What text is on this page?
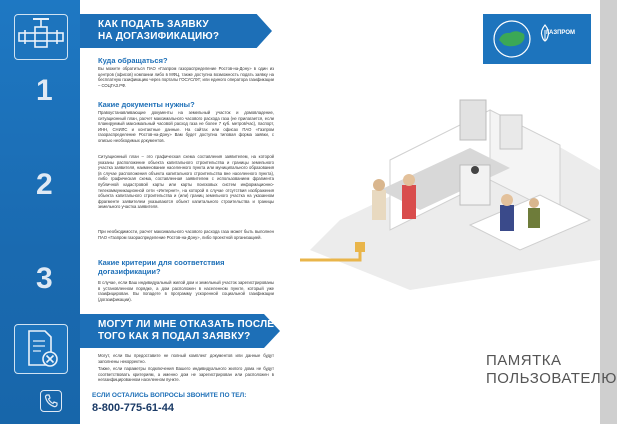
1
2
3
КАК ПОДАТЬ ЗАЯВКУ
НА ДОГАЗИФИКАЦИЮ?
Куда обращаться?
Вы можете обратиться ПАО «Газпром газораспределение Ростов-на-Дону» в один из центров (офисов) компании либо в МФЦ, также доступна возможность подать заявку на бесплатную газификацию через порталы ГОСУСЛУГ, или единого оператора газификации – СОЦГАЗ.РФ.
Какие документы нужны?
Правоустанавливающие документы на земельный участок и домовладение, ситуационный план, расчет максимального часового расхода газа (не прилагается, если планируемый максимальный часовой расход газа не более 7 куб. метров/час), паспорт, ИНН, СНИЛС и контактные данные. На сайтах или офисах ПАО «Газпром газораспределение Ростов-на-Дону» Вам будет доступна типовая форма заявки, с описью необходимых документов.
Ситуационный план – это графическая схема составления заявителем, на которой указаны расположение объекта капитального строительства и границы земельного участка заявителя, наименование населенного пункта или муниципального образования (в случае расположения объекта капитального строительства вне населенного пункта), либо графическая схема, составленная заявителем с использованием фрагмента публичной кадастровой карты или карты поисковых систем информационно-телекоммуникационной сети «Интернет», на которой в случае отсутствия изображения объекта капитального строительства и (или) границ земельного участка на указанном фрагменте заявителем указываются объект капитального строительства и границы земельного участка заявителя.
При необходимости, расчет максимального часового расхода газа может быть выполнен ПАО «Газпром газораспределение Ростов-на-Дону», либо проектной организацией.
Какие критерии для соответствия
догазификации?
В случае, если Ваш индивидуальный жилой дом и земельный участок зарегистрированы в установленном порядке, а дом расположен в населенном пункте, который уже газифицирован. Вы попадете в программу ускоренной социальной газификации (догазификации).
МОГУТ ЛИ МНЕ ОТКАЗАТЬ ПОСЛЕ
ТОГО КАК Я ПОДАЛ ЗАЯВКУ?
Могут, если Вы предоставите не полный комплект документов или данные будут заполнены некорректно.
Также, если параметры подключения Вашего индивидуального жилого дома не будут соответствовать критериям, а именно дом не зарегистрирован или расположен в негазифицированном населенном пункте.
ЕСЛИ ОСТАЛИСЬ ВОПРОСЫ ЗВОНИТЕ ПО ТЕЛ:
8-800-775-61-44
ГАЗПРОМ
ПАМЯТКА
ПОЛЬЗОВАТЕЛЮ
